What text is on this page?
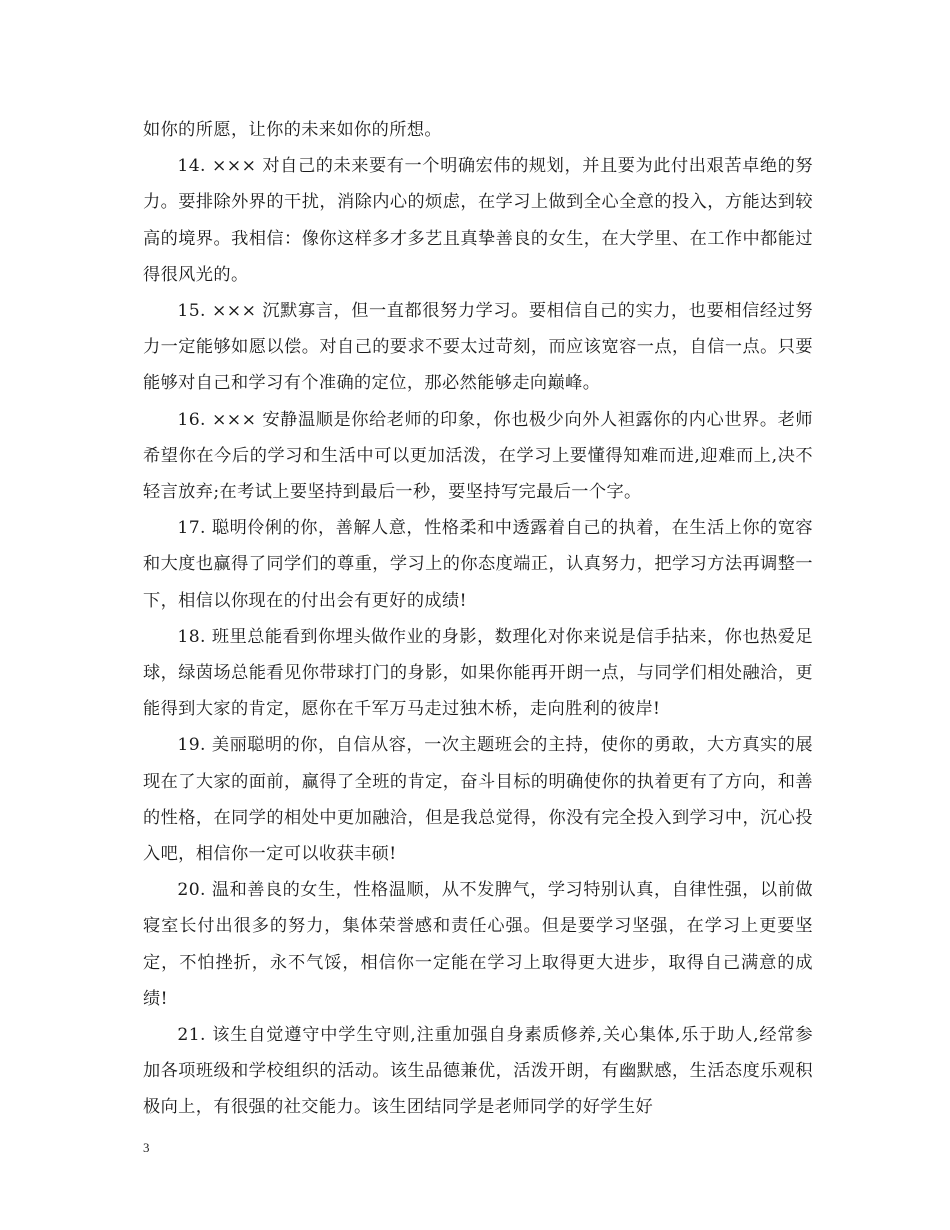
如你的所愿，让你的未来如你的所想。

14. ××× 对自己的未来要有一个明确宏伟的规划，并且要为此付出艰苦卓绝的努力。要排除外界的干扰，消除内心的烦虑，在学习上做到全心全意的投入，方能达到较高的境界。我相信：像你这样多才多艺且真挚善良的女生，在大学里、在工作中都能过得很风光的。

15. ××× 沉默寡言，但一直都很努力学习。要相信自己的实力，也要相信经过努力一定能够如愿以偿。对自己的要求不要太过苛刻，而应该宽容一点，自信一点。只要能够对自己和学习有个准确的定位，那必然能够走向巅峰。

16. ××× 安静温顺是你给老师的印象，你也极少向外人袒露你的内心世界。老师希望你在今后的学习和生活中可以更加活泼，在学习上要懂得知难而进,迎难而上,决不轻言放弃;在考试上要坚持到最后一秒，要坚持写完最后一个字。

17. 聪明伶俐的你，善解人意，性格柔和中透露着自己的执着，在生活上你的宽容和大度也赢得了同学们的尊重，学习上的你态度端正，认真努力，把学习方法再调整一下，相信以你现在的付出会有更好的成绩!

18. 班里总能看到你埋头做作业的身影，数理化对你来说是信手拈来，你也热爱足球，绿茵场总能看见你带球打门的身影，如果你能再开朗一点，与同学们相处融洽，更能得到大家的肯定，愿你在千军万马走过独木桥，走向胜利的彼岸!

19. 美丽聪明的你，自信从容，一次主题班会的主持，使你的勇敢，大方真实的展现在了大家的面前，赢得了全班的肯定，奋斗目标的明确使你的执着更有了方向，和善的性格，在同学的相处中更加融洽，但是我总觉得，你没有完全投入到学习中，沉心投入吧，相信你一定可以收获丰硕!

20. 温和善良的女生，性格温顺，从不发脾气，学习特别认真，自律性强，以前做寝室长付出很多的努力，集体荣誉感和责任心强。但是要学习坚强，在学习上更要坚定，不怕挫折，永不气馁，相信你一定能在学习上取得更大进步，取得自己满意的成绩!

21. 该生自觉遵守中学生守则,注重加强自身素质修养,关心集体,乐于助人,经常参加各项班级和学校组织的活动。该生品德兼优，活泼开朗，有幽默感，生活态度乐观积极向上，有很强的社交能力。该生团结同学是老师同学的好学生好

3
